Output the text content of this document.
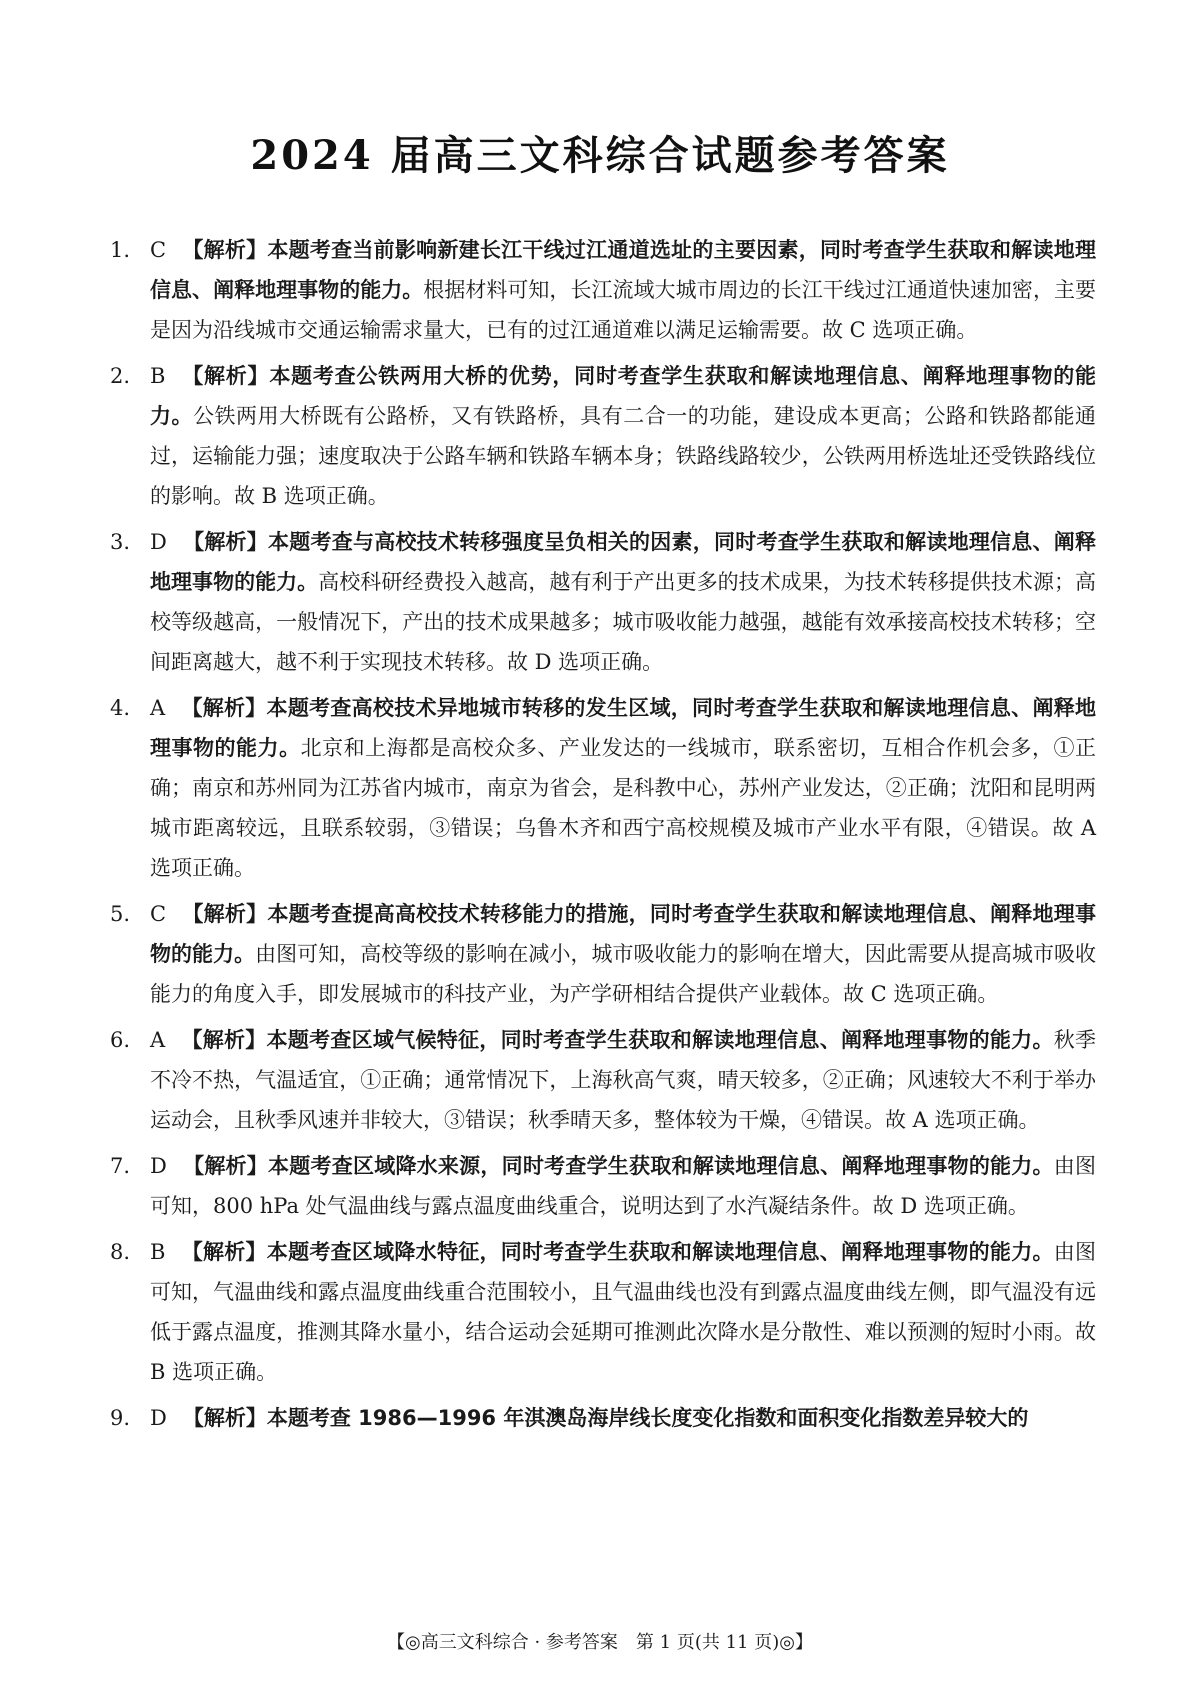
2024 届高三文科综合试题参考答案
1. C 【解析】本题考查当前影响新建长江干线过江通道选址的主要因素，同时考查学生获取和解读地理信息、阐释地理事物的能力。根据材料可知，长江流域大城市周边的长江干线过江通道快速加密，主要是因为沿线城市交通运输需求量大，已有的过江通道难以满足运输需要。故 C 选项正确。
2. B 【解析】本题考查公铁两用大桥的优势，同时考查学生获取和解读地理信息、阐释地理事物的能力。公铁两用大桥既有公路桥，又有铁路桥，具有二合一的功能，建设成本更高；公路和铁路都能通过，运输能力强；速度取决于公路车辆和铁路车辆本身；铁路线路较少，公铁两用桥选址还受铁路线位的影响。故 B 选项正确。
3. D 【解析】本题考查与高校技术转移强度呈负相关的因素，同时考查学生获取和解读地理信息、阐释地理事物的能力。高校科研经费投入越高，越有利于产出更多的技术成果，为技术转移提供技术源；高校等级越高，一般情况下，产出的技术成果越多；城市吸收能力越强，越能有效承接高校技术转移；空间距离越大，越不利于实现技术转移。故 D 选项正确。
4. A 【解析】本题考查高校技术异地城市转移的发生区域，同时考查学生获取和解读地理信息、阐释地理事物的能力。北京和上海都是高校众多、产业发达的一线城市，联系密切，互相合作机会多，①正确；南京和苏州同为江苏省内城市，南京为省会，是科教中心，苏州产业发达，②正确；沈阳和昆明两城市距离较远，且联系较弱，③错误；乌鲁木齐和西宁高校规模及城市产业水平有限，④错误。故 A 选项正确。
5. C 【解析】本题考查提高高校技术转移能力的措施，同时考查学生获取和解读地理信息、阐释地理事物的能力。由图可知，高校等级的影响在减小，城市吸收能力的影响在增大，因此需要从提高城市吸收能力的角度入手，即发展城市的科技产业，为产学研相结合提供产业载体。故 C 选项正确。
6. A 【解析】本题考查区域气候特征，同时考查学生获取和解读地理信息、阐释地理事物的能力。秋季不冷不热，气温适宜，①正确；通常情况下，上海秋高气爽，晴天较多，②正确；风速较大不利于举办运动会，且秋季风速并非较大，③错误；秋季晴天多，整体较为干燥，④错误。故 A 选项正确。
7. D 【解析】本题考查区域降水来源，同时考查学生获取和解读地理信息、阐释地理事物的能力。由图可知，800 hPa 处气温曲线与露点温度曲线重合，说明达到了水汽凝结条件。故 D 选项正确。
8. B 【解析】本题考查区域降水特征，同时考查学生获取和解读地理信息、阐释地理事物的能力。由图可知，气温曲线和露点温度曲线重合范围较小，且气温曲线也没有到露点温度曲线左侧，即气温没有远低于露点温度，推测其降水量小，结合运动会延期可推测此次降水是分散性、难以预测的短时小雨。故 B 选项正确。
9. D 【解析】本题考查 1986—1996 年淇澳岛海岸线长度变化指数和面积变化指数差异较大的
【◎高三文科综合 · 参考答案　第 1 页(共 11 页)◎】
